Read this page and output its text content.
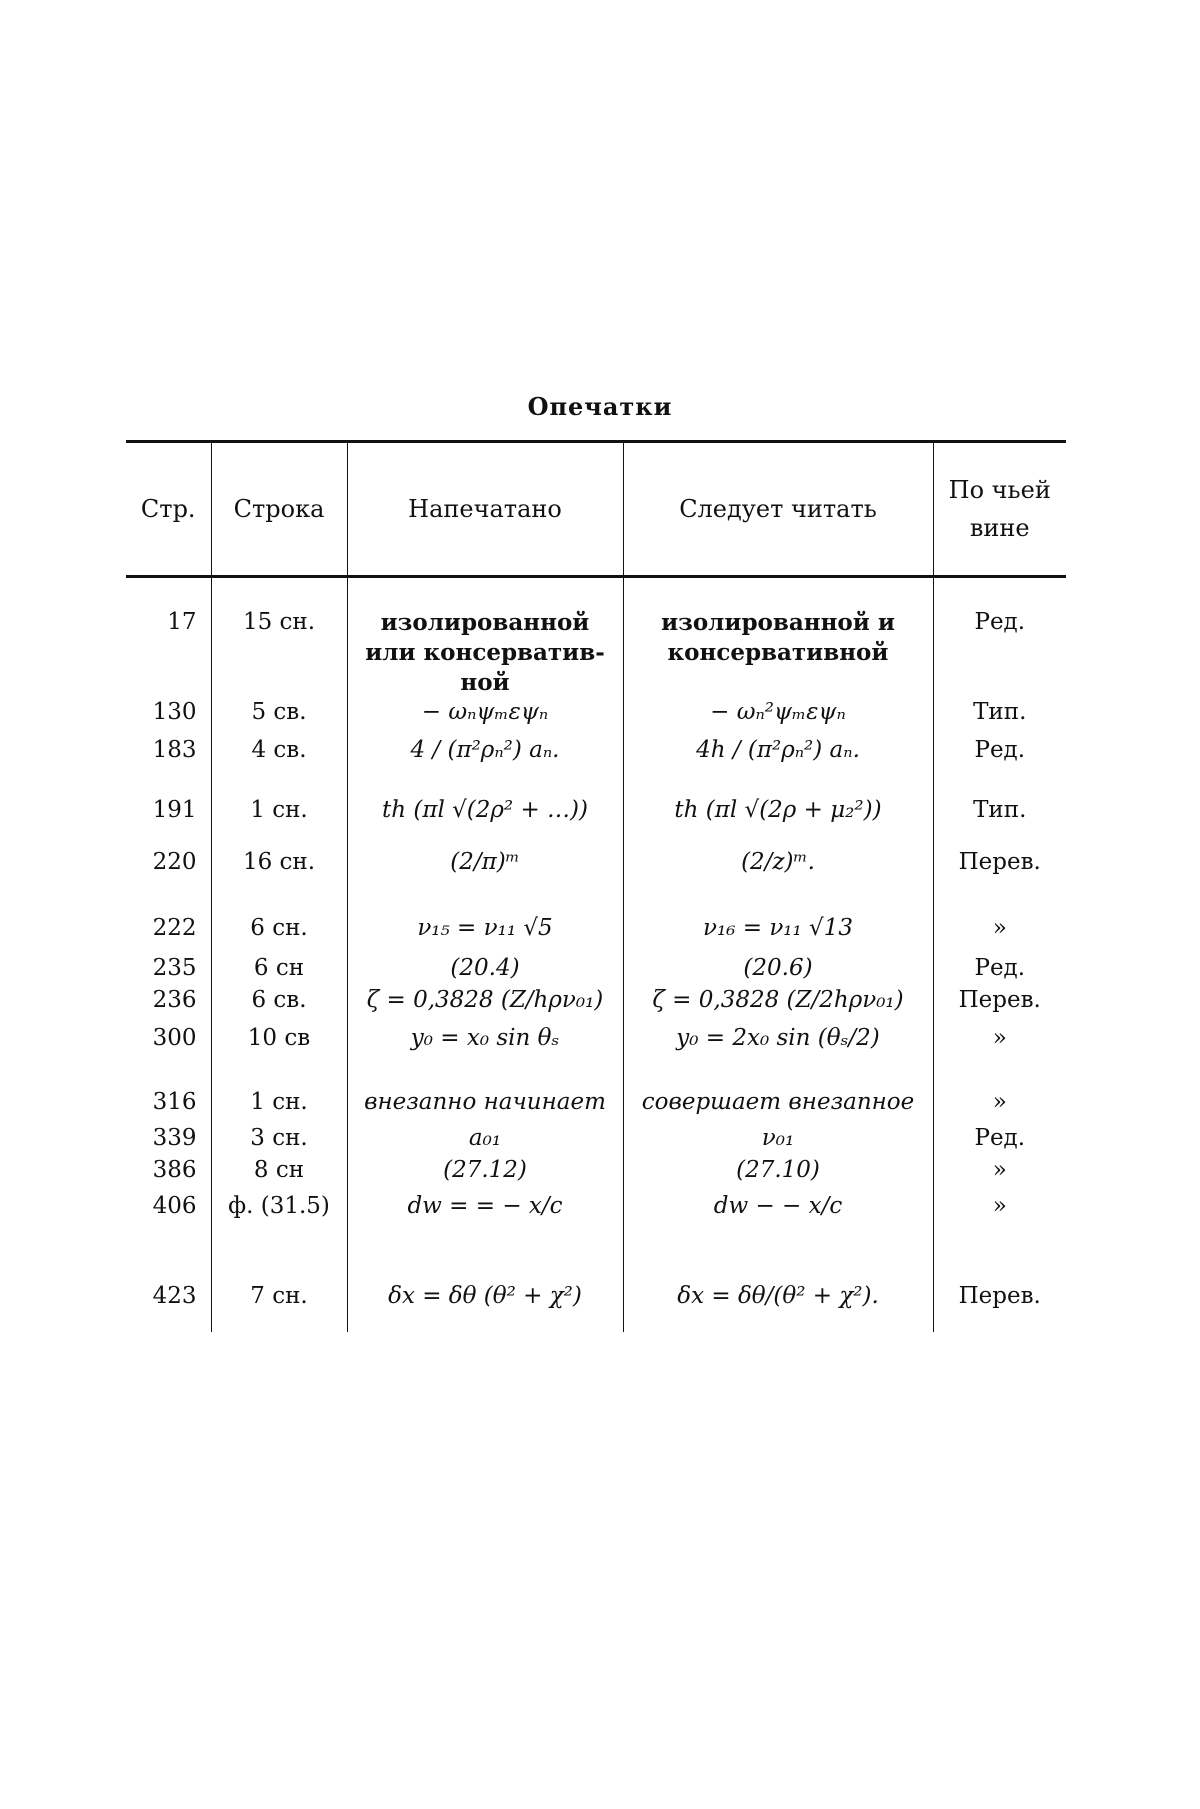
Опечатки
Стр.	Строка	Напечатано	Следует читать	По чьей вине
17	15 сн.	изолированной или консерватив-ной	изолированной и консервативной	Ред.
130	5 св.	− ωₙψₘεψₙ	− ωₙ²ψₘεψₙ	Тип.
183	4 св.	4 / (π²ρₙ²) aₙ.	4h / (π²ρₙ²) aₙ.	Ред.
191	1 сн.	th (πl √(2ρ² + …))	th (πl √(2ρ + μ₂²))	Тип.
220	16 сн.	(2/π)ᵐ	(2/z)ᵐ.	Перев.
222	6 сн.	ν₁₅ = ν₁₁ √5	ν₁₆ = ν₁₁ √13	»
235	6 сн	(20.4)	(20.6)	Ред.
236	6 св.	ζ = 0,3828 (Z/hρν₀₁)	ζ = 0,3828 (Z/2hρν₀₁)	Перев.
300	10 св	y₀ = x₀ sin θₛ	y₀ = 2x₀ sin (θₛ/2)	»
316	1 сн.	внезапно начинает	совершает внезапное	»
339	3 сн.	a₀₁	ν₀₁	Ред.
386	8 сн	(27.12)	(27.10)	»
406	ф. (31.5)	dw = = − x/c	dw − − x/c	»
423	7 сн.	δx = δθ (θ² + χ²)	δx = δθ/(θ² + χ²).	Перев.
